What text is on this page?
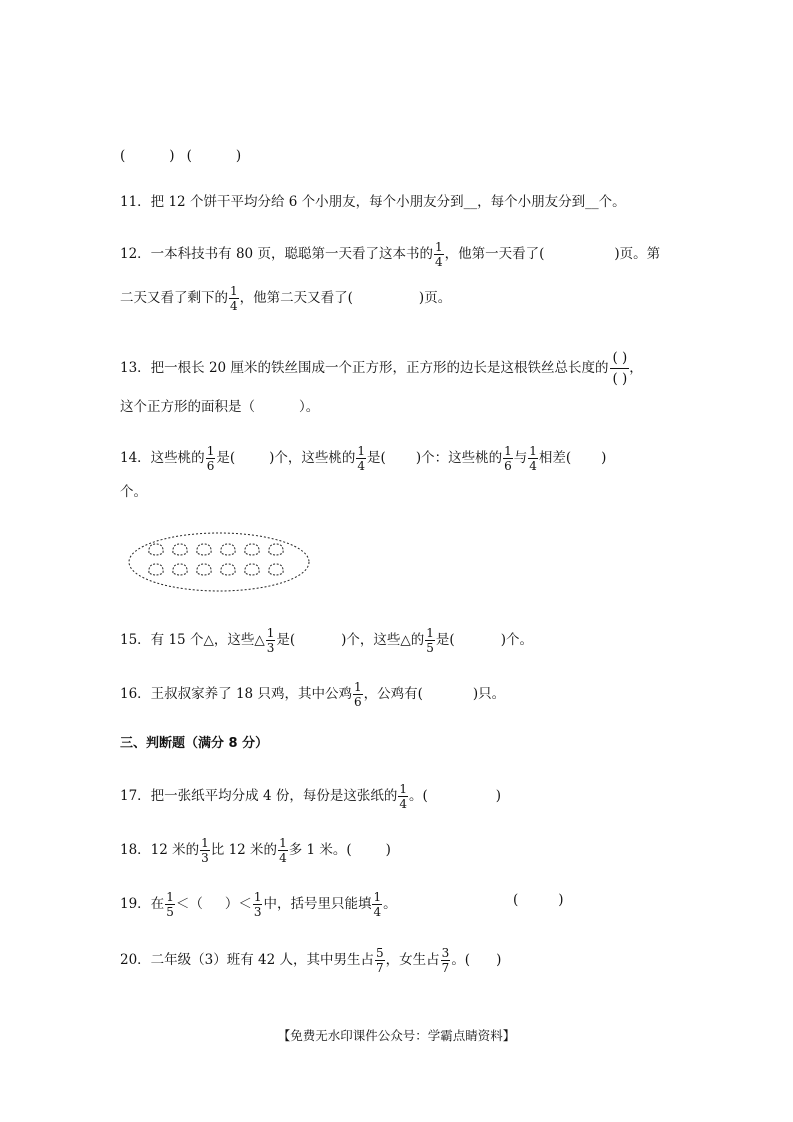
(	) (	)
11．把 12 个饼干平均分给 6 个小朋友，每个小朋友分到__，每个小朋友分到__个。
12．一本科技书有 80 页，聪聪第一天看了这本书的 $\frac{1}{4}$ ，他第一天看了(	)页。第
二天又看了剩下的 $\frac{1}{4}$ ，他第二天又看了(	)页。
13．把一根长 20 厘米的铁丝围成一个正方形，正方形的边长是这根铁丝总长度的 $\frac{( )}{( )}$ ，
这个正方形的面积是（	）。
14．这些桃的 $\frac{1}{6}$ 是(	)个，这些桃的 $\frac{1}{4}$ 是( )个：这些桃的 $\frac{1}{6}$ 与 $\frac{1}{4}$ 相差( )
个。
15．有 15 个△，这些△ $\frac{1}{3}$ 是(	)个，这些△的 $\frac{1}{5}$ 是(	)个。
16．王叔叔家养了 18 只鸡，其中公鸡 $\frac{1}{6}$ ，公鸡有(	)只。
三、判断题（满分 8 分）
17．把一张纸平均分成 4 份，每份是这张纸的 $\frac{1}{4}$ 。(	)
18．12 米的 $\frac{1}{3}$ 比 12 米的 $\frac{1}{4}$ 多 1 米。(	)
19．在 $\frac{1}{5}$ ＜（ ）＜ $\frac{1}{3}$ 中，括号里只能填 $\frac{1}{4}$ 。	(	)
20．二年级（3）班有 42 人，其中男生占 $\frac{5}{7}$ ，女生占 $\frac{3}{7}$ 。( )
【免费无水印课件公众号：学霸点睛资料】
